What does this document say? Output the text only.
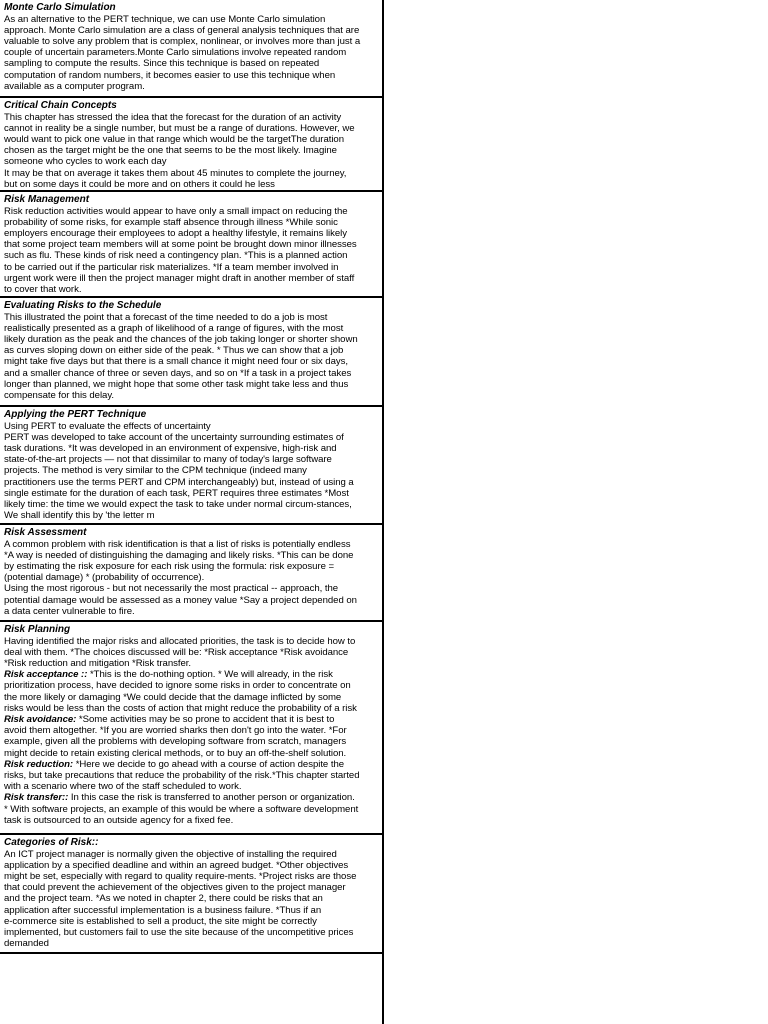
Monte Carlo Simulation
As an alternative to the PERT technique, we can use Monte Carlo simulation
approach. Monte Carlo simulation are a class of general analysis techniques that are
valuable to solve any problem that is complex, nonlinear, or involves more than just a
couple of uncertain parameters.Monte Carlo simulations involve repeated random
sampling to compute the results. Since this technique is based on repeated
computation of random numbers, it becomes easier to use this technique when
available as a computer program.
Critical Chain Concepts
This chapter has stressed the idea that the forecast for the duration of an activity
cannot in reality be a single number, but must be a range of durations. However, we
would want to pick one value in that range which would be the targetThe duration
chosen as the target might be the one that seems to be the most likely. Imagine
someone who cycles to work each day
It may be that on average it takes them about 45 minutes to complete the journey,
but on some days it could be more and on others it could he less
Risk Management
Risk reduction activities would appear to have only a small impact on reducing the
probability of some risks, for example staff absence through illness *While sonic
employers encourage their employees to adopt a healthy lifestyle, it remains likely
that some project team members will at some point be brought down minor illnesses
such as flu. These kinds of risk need a contingency plan. *This is a planned action
to be carried out if the particular risk materializes. *If a team member involved in
urgent work were ill then the project manager might draft in another member of staff
to cover that work.
Evaluating Risks to the Schedule
This illustrated the point that a forecast of the time needed to do a job is most
realistically presented as a graph of likelihood of a range of figures, with the most
likely duration as the peak and the chances of the job taking longer or shorter shown
as curves sloping down on either side of the peak. * Thus we can show that a job
might take five days but that there is a small chance it might need four or six days,
and a smaller chance of three or seven days, and so on *If a task in a project takes
longer than planned, we might hope that some other task might take less and thus
compensate for this delay.
Applying the PERT Technique
Using PERT to evaluate the effects of uncertainty
PERT was developed to take account of the uncertainty surrounding estimates of
task durations. *It was developed in an environment of expensive, high-risk and
state-of-the-art projects — not that dissimilar to many of today's large software
projects. The method is very similar to the CPM technique (indeed many
practitioners use the terms PERT and CPM interchangeably) but, instead of using a
single estimate for the duration of each task, PERT requires three estimates *Most
likely time: the time we would expect the task to take under normal circum-stances,
We shall identify this by 'the letter m
Risk Assessment
A common problem with risk identification is that a list of risks is potentially endless
*A way is needed of distinguishing the damaging and likely risks. *This can be done
by estimating the risk exposure for each risk using the formula: risk exposure =
(potential damage) * (probability of occurrence).
Using the most rigorous - but not necessarily the most practical -- approach, the
potential damage would be assessed as a money value *Say a project depended on
a data center vulnerable to fire.
Risk Planning
Having identified the major risks and allocated priorities, the task is to decide how to
deal with them. *The choices discussed will be: *Risk acceptance *Risk avoidance
*Risk reduction and mitigation *Risk transfer.
Risk acceptance :: *This is the do-nothing option. * We will already, in the risk
prioritization process, have decided to ignore some risks in order to concentrate on
the more likely or damaging *We could decide that the damage inflicted by some
risks would be less than the costs of action that might reduce the probability of a risk
Risk avoidance: *Some activities may be so prone to accident that it is best to
avoid them altogether. *If you are worried sharks then don't go into the water. *For
example, given all the problems with developing software from scratch, managers
might decide to retain existing clerical methods, or to buy an off-the-shelf solution.
Risk reduction: *Here we decide to go ahead with a course of action despite the
risks, but take precautions that reduce the probability of the risk.*This chapter started
with a scenario where two of the staff scheduled to work.
Risk transfer:: In this case the risk is transferred to another person or organization.
* With software projects, an example of this would be where a software development
task is outsourced to an outside agency for a fixed fee.
Categories of Risk::
An ICT project manager is normally given the objective of installing the required
application by a specified deadline and within an agreed budget. *Other objectives
might be set, especially with regard to quality require-ments. *Project risks are those
that could prevent the achievement of the objectives given to the project manager
and the project team. *As we noted in chapter 2, there could be risks that an
application after successful implementation is a business failure. *Thus if an
e-commerce site is established to sell a product, the site might be correctly
implemented, but customers fail to use the site because of the uncompetitive prices
demanded
